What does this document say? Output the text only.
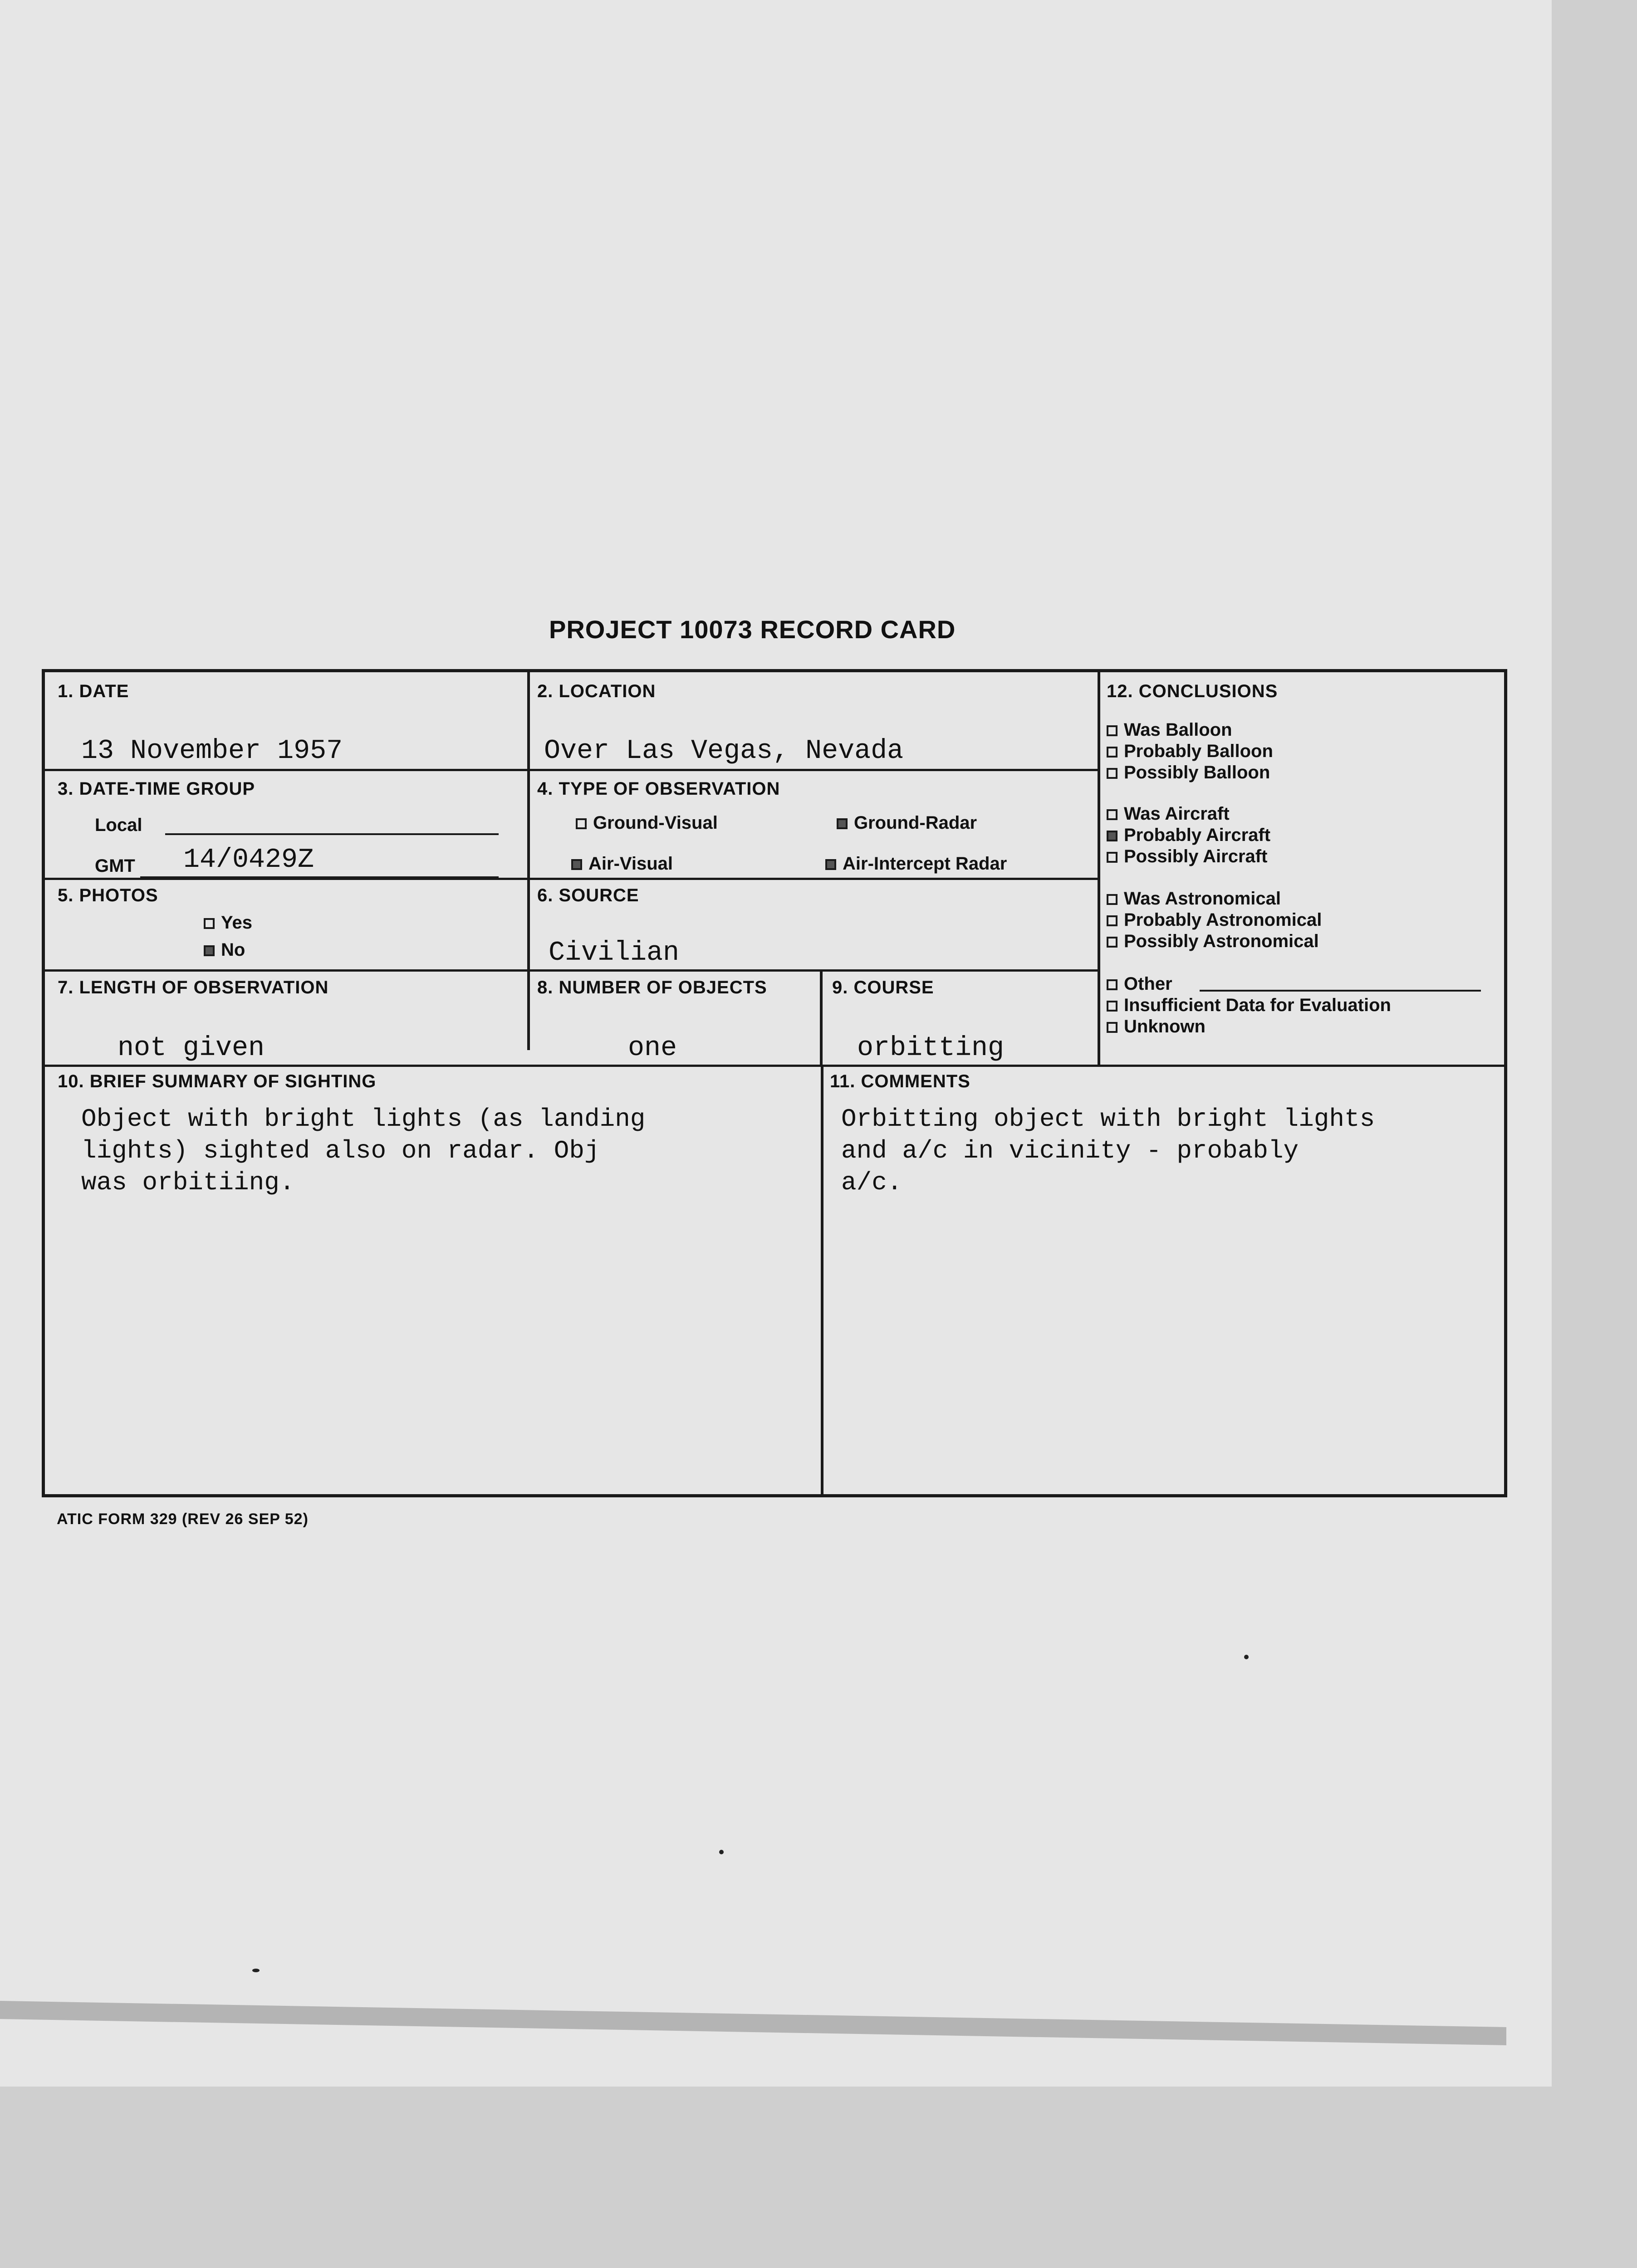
PROJECT 10073 RECORD CARD
1. DATE
13 November 1957
2. LOCATION
Over Las Vegas, Nevada
3. DATE-TIME GROUP
Local
GMT 14/0429Z
4. TYPE OF OBSERVATION
Ground-Visual	Ground-Radar
Air-Visual	Air-Intercept Radar
5. PHOTOS
Yes
No
6. SOURCE
Civilian
7. LENGTH OF OBSERVATION
not given
8. NUMBER OF OBJECTS
one
9. COURSE
orbitting
10. BRIEF SUMMARY OF SIGHTING
Object with bright lights (as landing
lights) sighted also on radar. Obj
was orbitiing.
11. COMMENTS
Orbitting object with bright lights
and a/c in vicinity - probably
a/c.
12. CONCLUSIONS
Was Balloon
Probably Balloon
Possibly Balloon
Was Aircraft
Probably Aircraft
Possibly Aircraft
Was Astronomical
Probably Astronomical
Possibly Astronomical
Other
Insufficient Data for Evaluation
Unknown
ATIC FORM 329 (REV 26 SEP 52)
